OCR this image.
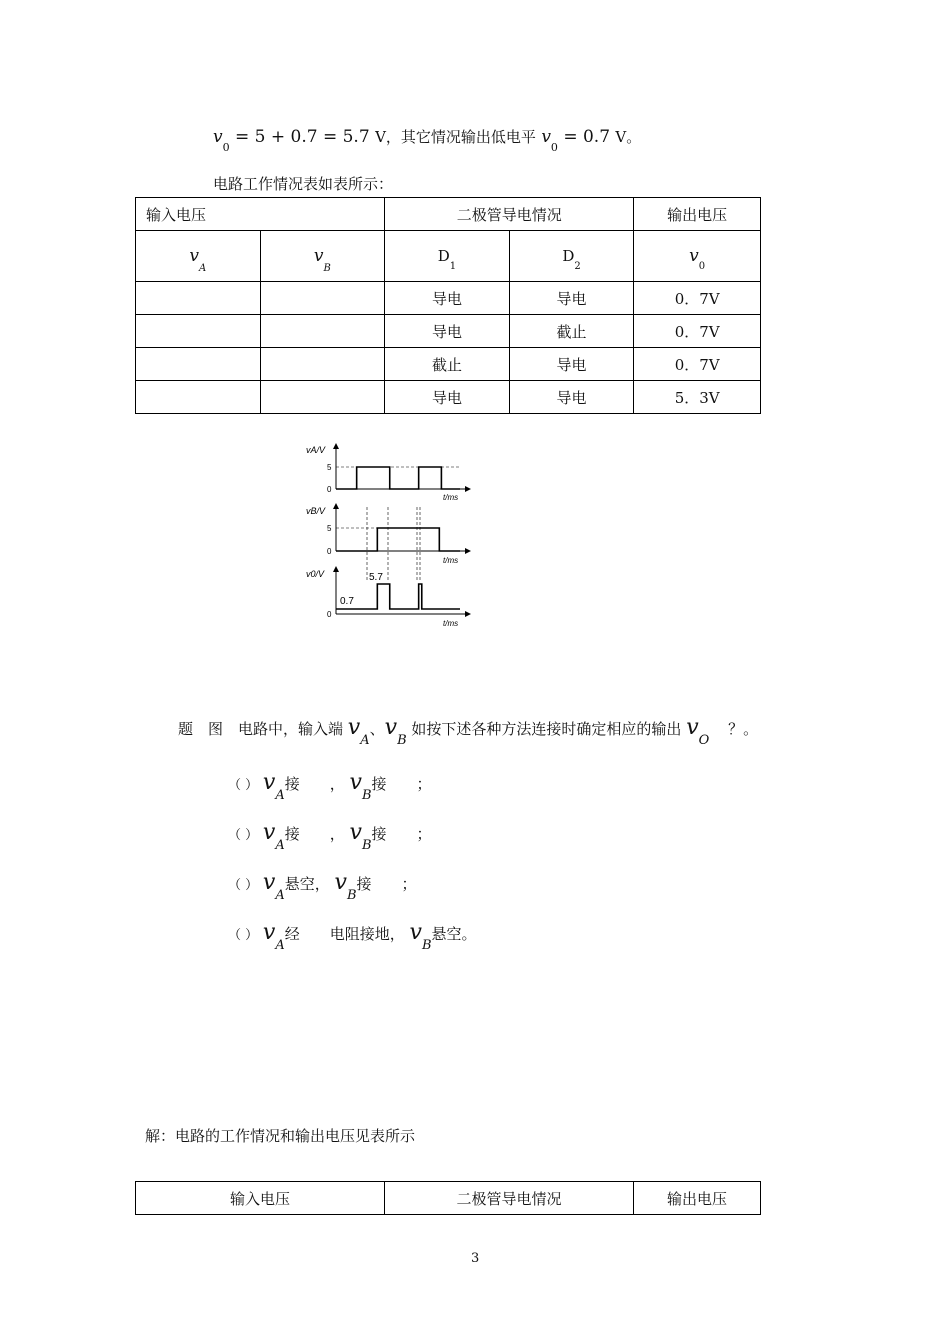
$v_0 = 5 + 0.7 = 5.7$ V，其它情况输出低电平 $v_0 = 0.7$ V。
电路工作情况表如表所示：
输入电压		二极管导电情况		输出电压
$v_A$	$v_B$	$D_1$	$D_2$	$v_0$
		导电	导电	0．7V
		导电	截止	0．7V
		截止	导电	0．7V
		导电	导电	5．3V
vA/V
5
0
t/ms
vB/V
5
0
t/ms
v0/V
0
5.7
0.7
t/ms
题　图　电路中，输入端 vA、vB 如按下述各种方法连接时确定相应的输出 vO ？。
（ ） vA接　　， vB接　　；
（ ） vA接　　， vB接　　；
（ ） vA悬空， vB接　　；
（ ） vA经　　电阻接地， vB悬空。
解：电路的工作情况和输出电压见表所示
输入电压	二极管导电情况	输出电压
3
